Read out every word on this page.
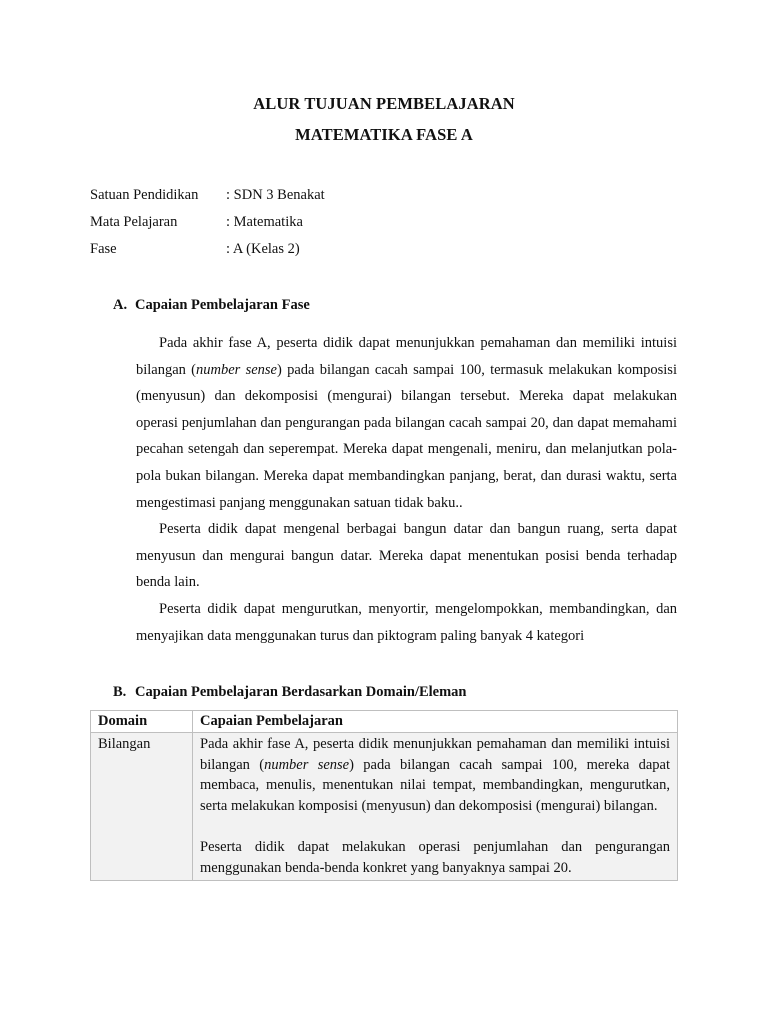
ALUR TUJUAN PEMBELAJARAN
MATEMATIKA FASE A
Satuan Pendidikan : SDN 3 Benakat
Mata Pelajaran	: Matematika
Fase	: A (Kelas 2)
A. Capaian Pembelajaran Fase

Pada akhir fase A, peserta didik dapat menunjukkan pemahaman dan memiliki intuisi bilangan (number sense) pada bilangan cacah sampai 100, termasuk melakukan komposisi (menyusun) dan dekomposisi (mengurai) bilangan tersebut. Mereka dapat melakukan operasi penjumlahan dan pengurangan pada bilangan cacah sampai 20, dan dapat memahami pecahan setengah dan seperempat. Mereka dapat mengenali, meniru, dan melanjutkan pola-pola bukan bilangan. Mereka dapat membandingkan panjang, berat, dan durasi waktu, serta mengestimasi panjang menggunakan satuan tidak baku..

Peserta didik dapat mengenal berbagai bangun datar dan bangun ruang, serta dapat menyusun dan mengurai bangun datar. Mereka dapat menentukan posisi benda terhadap benda lain.

Peserta didik dapat mengurutkan, menyortir, mengelompokkan, membandingkan, dan menyajikan data menggunakan turus dan piktogram paling banyak 4 kategori

B. Capaian Pembelajaran Berdasarkan Domain/Eleman
Domain	Capaian Pembelajaran
Bilangan	Pada akhir fase A, peserta didik menunjukkan pemahaman dan memiliki intuisi bilangan (number sense) pada bilangan cacah sampai 100, mereka dapat membaca, menulis, menentukan nilai tempat, membandingkan, mengurutkan, serta melakukan komposisi (menyusun) dan dekomposisi (mengurai) bilangan.

Peserta didik dapat melakukan operasi penjumlahan dan pengurangan menggunakan benda-benda konkret yang banyaknya sampai 20.
